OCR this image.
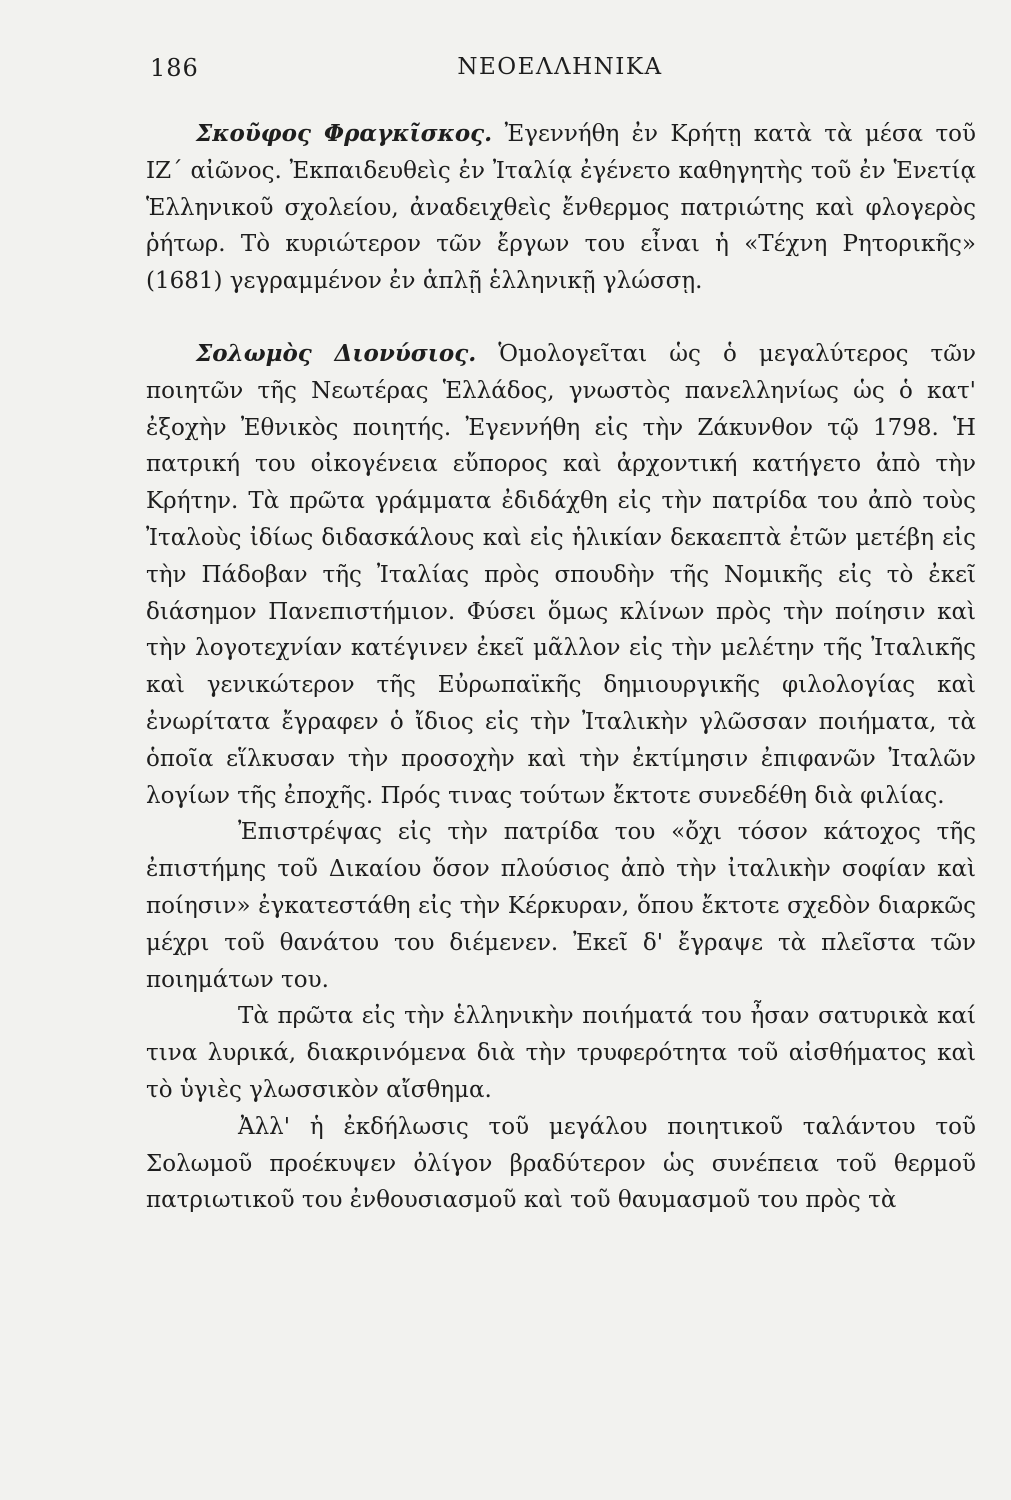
186	ΝΕΟΕΛΛΗΝΙΚΑ

Σκοῦφος Φραγκῖσκος. Ἐγεννήθη ἐν Κρήτῃ κατὰ τὰ μέσα τοῦ ΙΖ΄ αἰῶνος. Ἐκπαιδευθεὶς ἐν Ἰταλίᾳ ἐγένετο καθηγητὴς τοῦ ἐν Ἑνετίᾳ Ἑλληνικοῦ σχολείου, ἀναδειχθεὶς ἔνθερμος πατριώτης καὶ φλογερὸς ῥήτωρ. Τὸ κυριώτερον τῶν ἔργων του εἶναι ἡ «Τέχνη Ρητορικῆς» (1681) γεγραμμένον ἐν ἁπλῇ ἑλληνικῇ γλώσσῃ.

Σολωμὸς Διονύσιος. Ὁμολογεῖται ὡς ὁ μεγαλύτερος τῶν ποιητῶν τῆς Νεωτέρας Ἑλλάδος, γνωστὸς πανελληνίως ὡς ὁ κατ' ἐξοχὴν Ἐθνικὸς ποιητής. Ἐγεννήθη εἰς τὴν Ζάκυνθον τῷ 1798. Ἡ πατρική του οἰκογένεια εὔπορος καὶ ἀρχοντική κατήγετο ἀπὸ τὴν Κρήτην. Τὰ πρῶτα γράμματα ἐδιδάχθη εἰς τὴν πατρίδα του ἀπὸ τοὺς Ἰταλοὺς ἰδίως διδασκάλους καὶ εἰς ἡλικίαν δεκαεπτὰ ἐτῶν μετέβη εἰς τὴν Πάδοβαν τῆς Ἰταλίας πρὸς σπουδὴν τῆς Νομικῆς εἰς τὸ ἐκεῖ διάσημον Πανεπιστήμιον. Φύσει ὅμως κλίνων πρὸς τὴν ποίησιν καὶ τὴν λογοτεχνίαν κατέγινεν ἐκεῖ μᾶλλον εἰς τὴν μελέτην τῆς Ἰταλικῆς καὶ γενικώτερον τῆς Εὐρωπαϊκῆς δημιουργικῆς φιλολογίας καὶ ἐνωρίτατα ἔγραφεν ὁ ἴδιος εἰς τὴν Ἰταλικὴν γλῶσσαν ποιήματα, τὰ ὁποῖα εἵλκυσαν τὴν προσοχὴν καὶ τὴν ἐκτίμησιν ἐπιφανῶν Ἰταλῶν λογίων τῆς ἐποχῆς. Πρός τινας τούτων ἔκτοτε συνεδέθη διὰ φιλίας.

Ἐπιστρέψας εἰς τὴν πατρίδα του «ὄχι τόσον κάτοχος τῆς ἐπιστήμης τοῦ Δικαίου ὅσον πλούσιος ἀπὸ τὴν ἰταλικὴν σοφίαν καὶ ποίησιν» ἐγκατεστάθη εἰς τὴν Κέρκυραν, ὅπου ἔκτοτε σχεδὸν διαρκῶς μέχρι τοῦ θανάτου του διέμενεν. Ἐκεῖ δ' ἔγραψε τὰ πλεῖστα τῶν ποιημάτων του.

Τὰ πρῶτα εἰς τὴν ἑλληνικὴν ποιήματά του ἦσαν σατυρικὰ καί τινα λυρικά, διακρινόμενα διὰ τὴν τρυφερότητα τοῦ αἰσθήματος καὶ τὸ ὑγιὲς γλωσσικὸν αἴσθημα.

Ἀλλ' ἡ ἐκδήλωσις τοῦ μεγάλου ποιητικοῦ ταλάντου τοῦ Σολωμοῦ προέκυψεν ὀλίγον βραδύτερον ὡς συνέπεια τοῦ θερμοῦ πατριωτικοῦ του ἐνθουσιασμοῦ καὶ τοῦ θαυμασμοῦ του πρὸς τὰ
